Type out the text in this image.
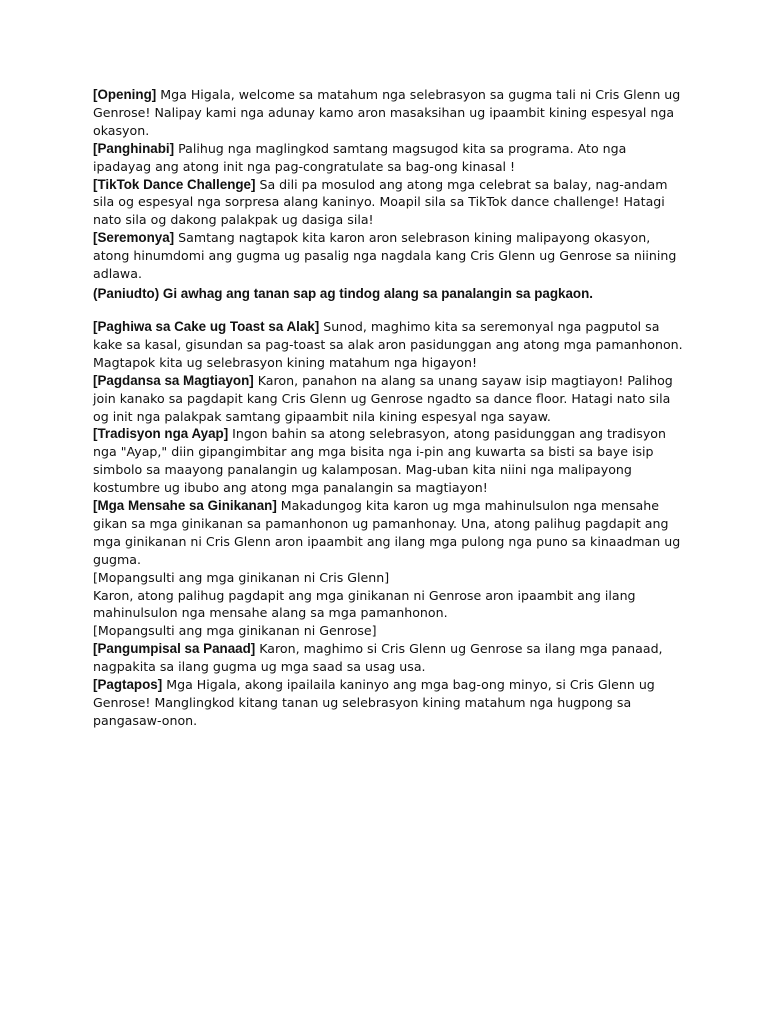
[Opening] Mga Higala, welcome sa matahum nga selebrasyon sa gugma tali ni Cris Glenn ug Genrose! Nalipay kami nga adunay kamo aron masaksihan ug ipaambit kining espesyal nga okasyon.

[Panghinabi] Palihug nga maglingkod samtang magsugod kita sa programa. Ato nga ipadayag ang atong init nga pag-congratulate sa bag-ong kinasal !

[TikTok Dance Challenge] Sa dili pa mosulod ang atong mga celebrat sa balay, nag-andam sila og espesyal nga sorpresa alang kaninyo. Moapil sila sa TikTok dance challenge! Hatagi nato sila og dakong palakpak ug dasiga sila!

[Seremonya] Samtang nagtapok kita karon aron selebrason kining malipayong okasyon, atong hinumdomi ang gugma ug pasalig nga nagdala kang Cris Glenn ug Genrose sa niining adlawa.

(Paniudto) Gi awhag ang tanan sap ag tindog alang sa panalangin sa pagkaon.

[Paghiwa sa Cake ug Toast sa Alak] Sunod, maghimo kita sa seremonyal nga pagputol sa kake sa kasal, gisundan sa pag-toast sa alak aron pasidunggan ang atong mga pamanhonon. Magtapok kita ug selebrasyon kining matahum nga higayon!

[Pagdansa sa Magtiayon] Karon, panahon na alang sa unang sayaw isip magtiayon! Palihog join kanako sa pagdapit kang Cris Glenn ug Genrose ngadto sa dance floor. Hatagi nato sila og init nga palakpak samtang gipaambit nila kining espesyal nga sayaw.

[Tradisyon nga Ayap] Ingon bahin sa atong selebrasyon, atong pasidunggan ang tradisyon nga "Ayap," diin gipangimbitar ang mga bisita nga i-pin ang kuwarta sa bisti sa baye isip simbolo sa maayong panalangin ug kalamposan. Mag-uban kita niini nga malipayong kostumbre ug ibubo ang atong mga panalangin sa magtiayon!

[Mga Mensahe sa Ginikanan] Makadungog kita karon ug mga mahinulsulon nga mensahe gikan sa mga ginikanan sa pamanhonon ug pamanhonay. Una, atong palihug pagdapit ang mga ginikanan ni Cris Glenn aron ipaambit ang ilang mga pulong nga puno sa kinaadman ug gugma.

[Mopangsulti ang mga ginikanan ni Cris Glenn]

Karon, atong palihug pagdapit ang mga ginikanan ni Genrose aron ipaambit ang ilang mahinulsulon nga mensahe alang sa mga pamanhonon.

[Mopangsulti ang mga ginikanan ni Genrose]

[Pangumpisal sa Panaad] Karon, maghimo si Cris Glenn ug Genrose sa ilang mga panaad, nagpakita sa ilang gugma ug mga saad sa usag usa.

[Pagtapos] Mga Higala, akong ipailaila kaninyo ang mga bag-ong minyo, si Cris Glenn ug Genrose! Manglingkod kitang tanan ug selebrasyon kining matahum nga hugpong sa pangasaw-onon.
